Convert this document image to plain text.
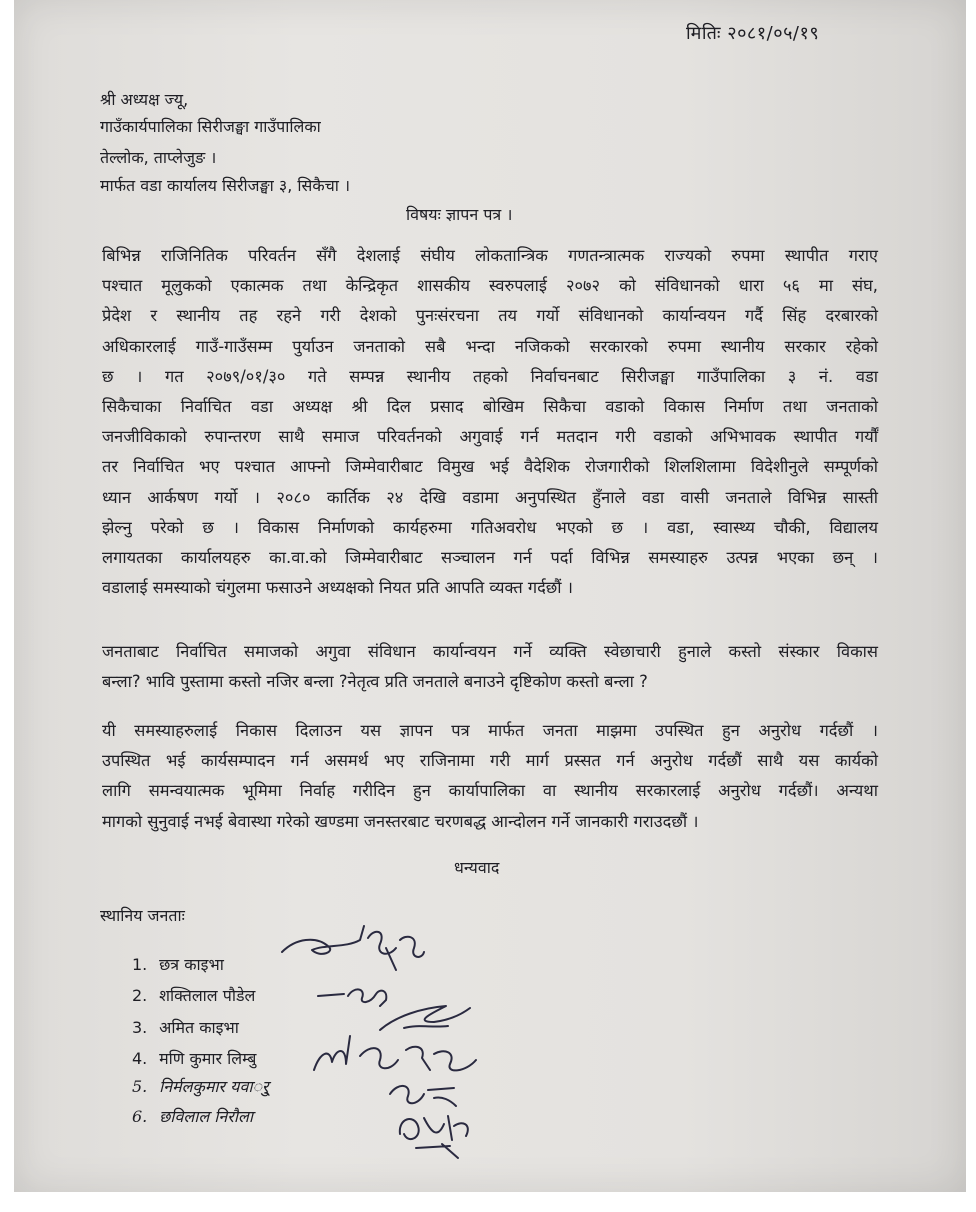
मितिः २०८१/०५/१९
श्री अध्यक्ष ज्यू,
गाउँकार्यपालिका सिरीजङ्घा गाउँपालिका
तेल्लोक, ताप्लेजुङ ।
मार्फत वडा कार्यालय सिरीजङ्घा ३, सिकैचा ।
विषयः ज्ञापन पत्र ।
बिभिन्न राजिनितिक परिवर्तन सँगै देशलाई संघीय लोकतान्त्रिक गणतन्त्रात्मक राज्यको रुपमा स्थापीत गराए
पश्चात मूलुकको एकात्मक तथा केन्द्रिकृत शासकीय स्वरुपलाई २०७२ को संविधानको धारा ५६ मा संघ,
प्रेदेश र स्थानीय तह रहने गरी देशको पुनःसंरचना तय गर्यो संविधानको कार्यान्वयन गर्दै सिंह दरबारको
अधिकारलाई गाउँ-गाउँसम्म पुर्याउन जनताको सबै भन्दा नजिकको सरकारको रुपमा स्थानीय सरकार रहेको
छ । गत २०७९/०१/३० गते सम्पन्न स्थानीय तहको निर्वाचनबाट सिरीजङ्घा गाउँपालिका ३ नं. वडा
सिकैचाका निर्वाचित वडा अध्यक्ष श्री दिल प्रसाद बोखिम सिकैचा वडाको विकास निर्माण तथा जनताको
जनजीविकाको रुपान्तरण साथै समाज परिवर्तनको अगुवाई गर्न मतदान गरी वडाको अभिभावक स्थापीत गर्यौं
तर निर्वाचित भए पश्चात आफ्नो जिम्मेवारीबाट विमुख भई वैदेशिक रोजगारीको शिलशिलामा विदेशीनुले सम्पूर्णको
ध्यान आर्कषण गर्यो । २०८० कार्तिक २४ देखि वडामा अनुपस्थित हुँनाले वडा वासी जनताले विभिन्न सास्ती
झेल्नु परेको छ । विकास निर्माणको कार्यहरुमा गतिअवरोध भएको छ । वडा, स्वास्थ्य चौकी, विद्यालय
लगायतका कार्यालयहरु का.वा.को जिम्मेवारीबाट सञ्चालन गर्न पर्दा विभिन्न समस्याहरु उत्पन्न भएका छन् ।
वडालाई समस्याको चंगुलमा फसाउने अध्यक्षको नियत प्रति आपति व्यक्त गर्दछौं ।
जनताबाट निर्वाचित समाजको अगुवा संविधान कार्यान्वयन गर्ने व्यक्ति स्वेछाचारी हुनाले कस्तो संस्कार विकास
बन्ला? भावि पुस्तामा कस्तो नजिर बन्ला ?नेतृत्व प्रति जनताले बनाउने दृष्टिकोण कस्तो बन्ला ?
यी समस्याहरुलाई निकास दिलाउन यस ज्ञापन पत्र मार्फत जनता माझमा उपस्थित हुन अनुरोध गर्दछौं ।
उपस्थित भई कार्यसम्पादन गर्न असमर्थ भए राजिनामा गरी मार्ग प्रस्सत गर्न अनुरोध गर्दछौं साथै यस कार्यको
लागि समन्वयात्मक भूमिमा निर्वाह गरीदिन हुन कार्यापालिका वा स्थानीय सरकारलाई अनुरोध गर्दछौं। अन्यथा
मागको सुनुवाई नभई बेवास्था गरेको खण्डमा जनस्तरबाट चरणबद्ध आन्दोलन गर्ने जानकारी गराउदछौं ।
धन्यवाद
स्थानिय जनताः
1. छत्र काइभा
2. शक्तिलाल पौडेल
3. अमित काइभा
4. मणि कुमार लिम्बु
5. निर्मलकुमार यवार्ु
6. छविलाल निरौला
